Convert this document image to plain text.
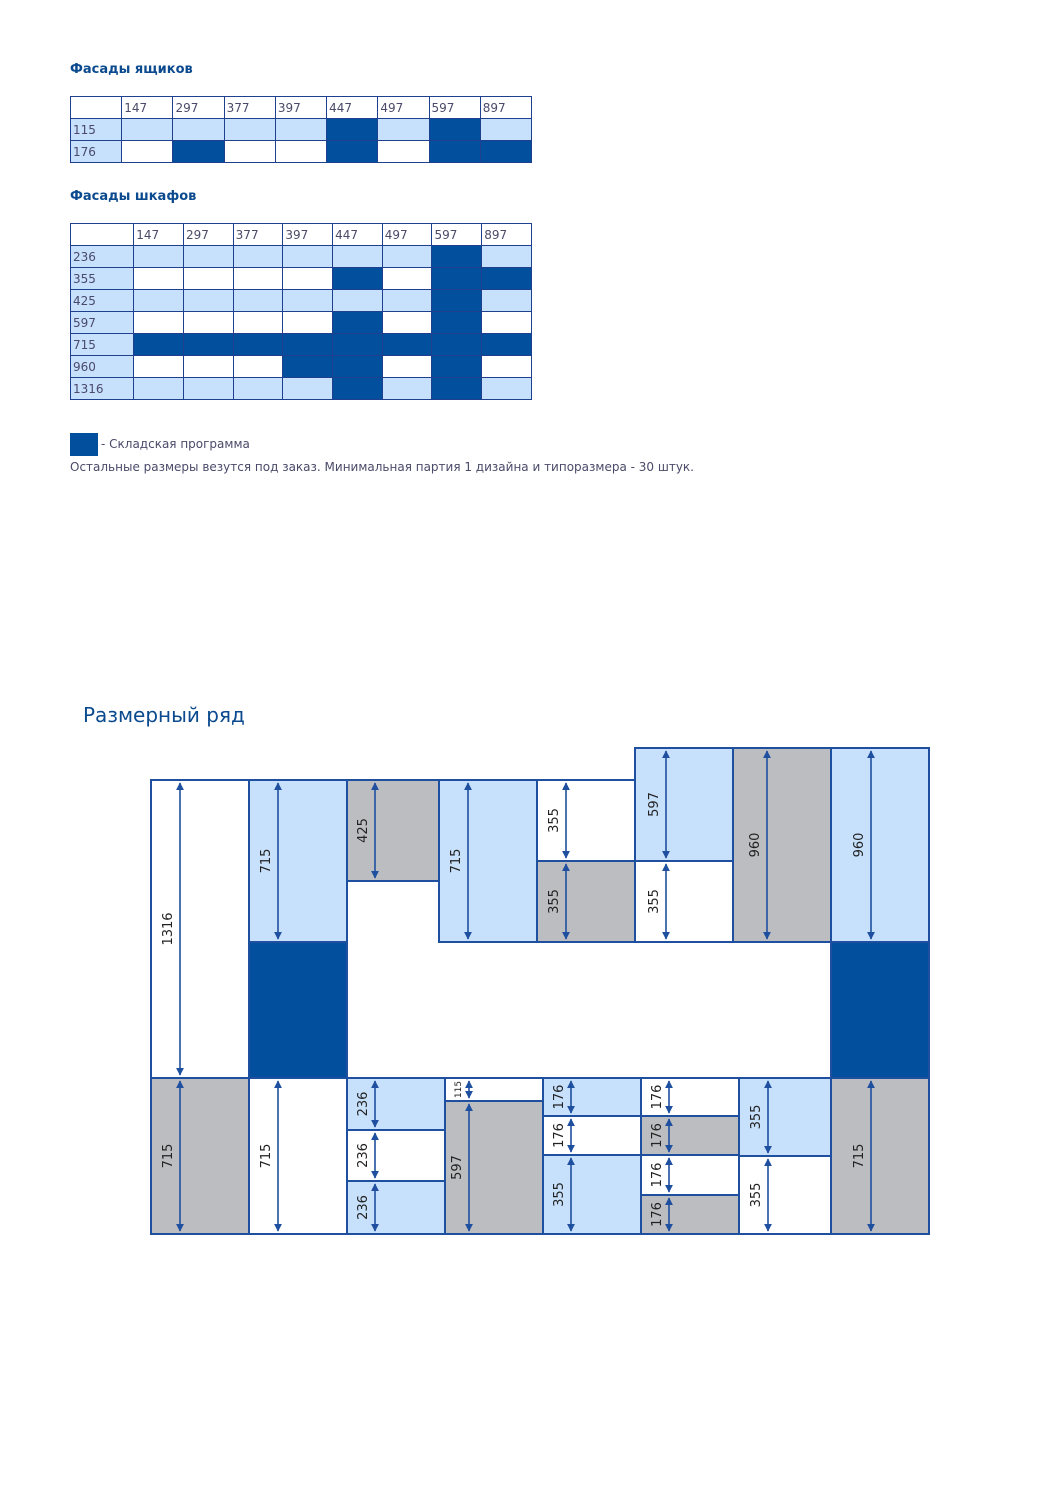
Фасады ящиков
	147	297	377	397	447	497	597	897
115								
176								
Фасады шкафов
	147	297	377	397	447	497	597	897
236								
355								
425								
597								
715								
960								
1316								
- Складская программа
Остальные размеры везутся под заказ. Минимальная партия 1 дизайна и типоразмера - 30 штук.
Размерный ряд
1316
715
425
715
355
355
597
355
960	960
715	715
236
236
236
115
597
176
176
355
176
176
176
176
355
355
715
